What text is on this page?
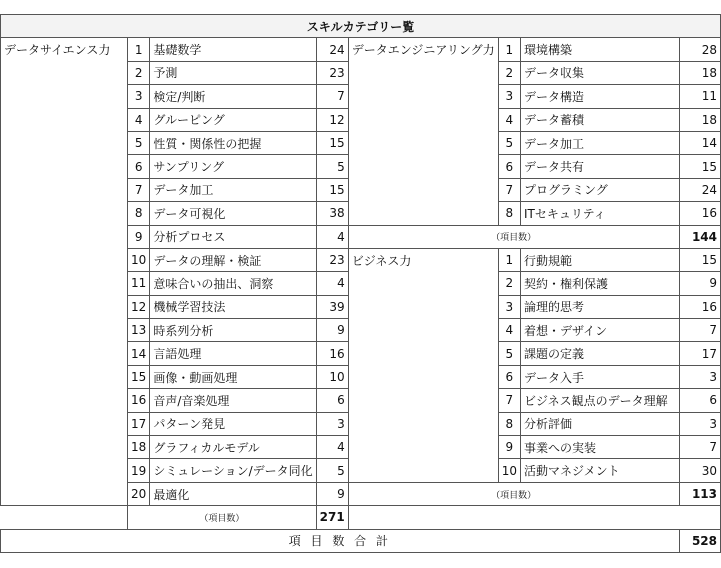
スキルカテゴリー覧							
データサイエンス力	1	基礎数学	24	データエンジニアリング力	1	環境構築	28
	2	予測	23		2	データ収集	18
	3	検定/判断	7		3	データ構造	11
	4	グルーピング	12		4	データ蓄積	18
	5	性質・関係性の把握	15		5	データ加工	14
	6	サンプリング	5		6	データ共有	15
	7	データ加工	15		7	プログラミング	24
	8	データ可視化	38		8	ITセキュリティ	16
	9	分析プロセス	4	（項目数）			144
	10	データの理解・検証	23	ビジネス力	1	行動規範	15
	11	意味合いの抽出、洞察	4		2	契約・権利保護	9
	12	機械学習技法	39		3	論理的思考	16
	13	時系列分析	9		4	着想・デザイン	7
	14	言語処理	16		5	課題の定義	17
	15	画像・動画処理	10		6	データ入手	3
	16	音声/音楽処理	6		7	ビジネス観点のデータ理解	6
	17	パターン発見	3		8	分析評価	3
	18	グラフィカルモデル	4		9	事業への実装	7
	19	シミュレーション/データ同化	5		10	活動マネジメント	30
	20	最適化	9	（項目数）			113
	（項目数）		271				
項 目 数 合 計							528
